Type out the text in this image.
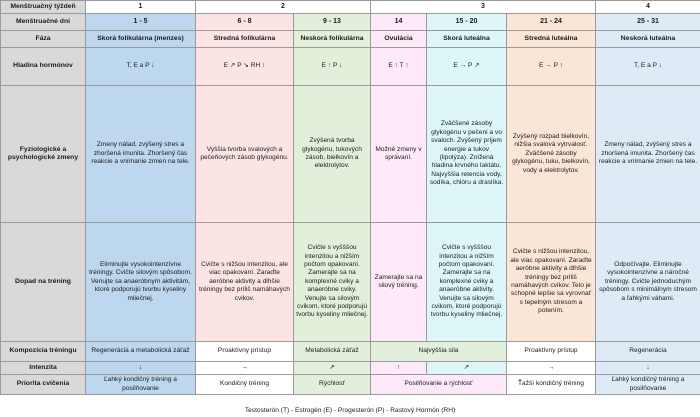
Menštruačný týždeň	1	2		3			4
Menštruačné dni	1 - 5	6 - 8	9 - 13	14	15 - 20	21 - 24	25 - 31
Fáza	Skorá folikulárna (menzes)	Stredná folikulárna	Neskorá folikulárna	Ovulácia	Skorá luteálna	Stredná luteálna	Neskorá luteálna
Hladina hormónov	T, E a P ↓	E ↗ P ↘ RH ↑	E ↑ P ↓	E ↑ T ↑	E → P ↗	E → P ↑	T, E a P ↓
Fyziologické a psychologické zmeny	Zmeny nálad, zvýšený stres a zhoršená imunita. Zhoršený čas reakcie a vnímanie zmien na tele.	Vyššia tvorba svalových a pečeňových zásob glykogénu.	Zvýšená tvorba glykogénu, tukových zásob, bielkovín a elektrolytov.	Možné zmeny v správaní.	Zväčšené zásoby glykogénu v pečeni a vo svaloch. Zvýšený príjem energie a tukov (lipolýza). Znížená hladina krvného laktátu. Najvyššia retencia vody, sodíka, chlóru a draslíka.	Zvýšený rozpad bielkovín, nižšia svalová vytrvalosť. Zväčšené zásoby glykogénu, tuku, bielkovín, vody a elektrolytov.	Zmeny nálad, zvýšený stres a zhoršená imunita. Zhoršený čas reakcie a vnímanie zmien na tele.
Dopad na tréning	Eliminujte vysokointenzívne tréningy. Cvičte silovým spôsobom. Venujte sa anaeróbnym aktivitám, ktoré podporujú tvorbu kyseliny mliečnej.	Cvičte s nižšou intenzitou, ale viac opakovaní. Zaraďte aeróbne aktivity a dlhšie tréningy bez príliš namáhavých cvikov.	Cvičte s vyšššou intenzitou a nižším počtom opakovaní. Zamerajte sa na komplexné cviky a anaeróbne cviky. Venujte sa silovým cvikom, ktoré podporujú tvorbu kyseliny mliečnej.	Zamerajte sa na silový tréning.	Cvičte s vyšššou intenzitou a nižším počtom opakovaní. Zamerajte sa na komplexné cviky a anaeróbne aktivity. Venujte sa silovým cvikom, ktoré podporujú tvorbu kyseliny mliečnej.	Cvičte s nižšou intenzitou, ale viac opakovaní. Zaraďte aeróbne aktivity a dlhšie tréningy bez príliš namáhavých cvikov. Telo je schopné lepšie sa vyrovnať s tepelným stresom a potením.	Odpočívajte. Eliminujte vysokointenzívne a náročné tréningy. Cvičte jednoduchým spôsobom s minimálnym stresom a ľahkými váhami.
Kompozícia tréningu	Regenerácia a metabolická záťaž	Proaktívny prístup	Metabolická záťaž	Najvyššia sila		Proaktívny prístup	Regenerácia
Intenzita	↓	→	↗	↑	↗	→	↓
Priorita cvičenia	Ľahký kondičný tréning a posilňovanie	Kondičný tréning	Rýchlosť	Posilňovanie a rýchlosť		Ťažší kondičný tréning	Ľahký kondičný tréning a posilňovanie
Testosterón (T) - Estrogén (E) - Progesterón (P) - Rastový Hormón (RH)
